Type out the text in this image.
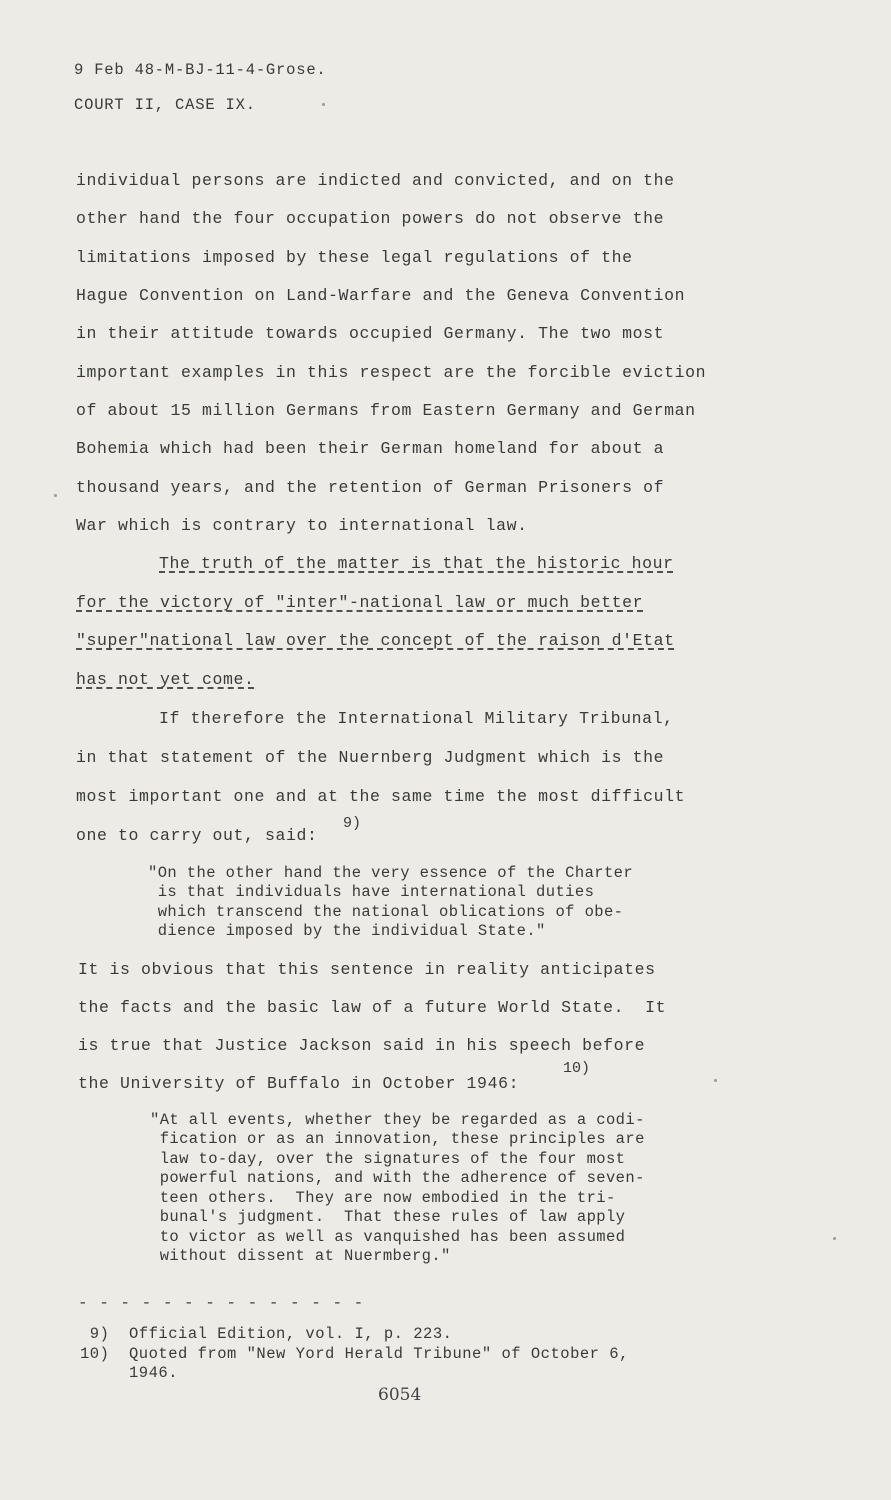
9 Feb 48-M-BJ-11-4-Grose.
COURT II, CASE IX.
individual persons are indicted and convicted, and on the
other hand the four occupation powers do not observe the
limitations imposed by these legal regulations of the
Hague Convention on Land-Warfare and the Geneva Convention
in their attitude towards occupied Germany. The two most
important examples in this respect are the forcible eviction
of about 15 million Germans from Eastern Germany and German
Bohemia which had been their German homeland for about a
thousand years, and the retention of German Prisoners of
War which is contrary to international law.
The truth of the matter is that the historic hour
for the victory of "inter"-national law or much better
"super"national law over the concept of the raison d'Etat
has not yet come.
If therefore the International Military Tribunal,
in that statement of the Nuernberg Judgment which is the
most important one and at the same time the most difficult
one to carry out, said:
9)
"On the other hand the very essence of the Charter
is that individuals have international duties
which transcend the national oblications of obe-
dience imposed by the individual State."
It is obvious that this sentence in reality anticipates
the facts and the basic law of a future World State.  It
is true that Justice Jackson said in his speech before
the University of Buffalo in October 1946:
10)
"At all events, whether they be regarded as a codi-
fication or as an innovation, these principles are
law to-day, over the signatures of the four most
powerful nations, and with the adherence of seven-
teen others.  They are now embodied in the tri-
bunal's judgment.  That these rules of law apply
to victor as well as vanquished has been assumed
without dissent at Nuermberg."
- - - - - - - - - - - - - -
9)  Official Edition, vol. I, p. 223.
10)  Quoted from "New Yord Herald Tribune" of October 6,
1946.
6054
